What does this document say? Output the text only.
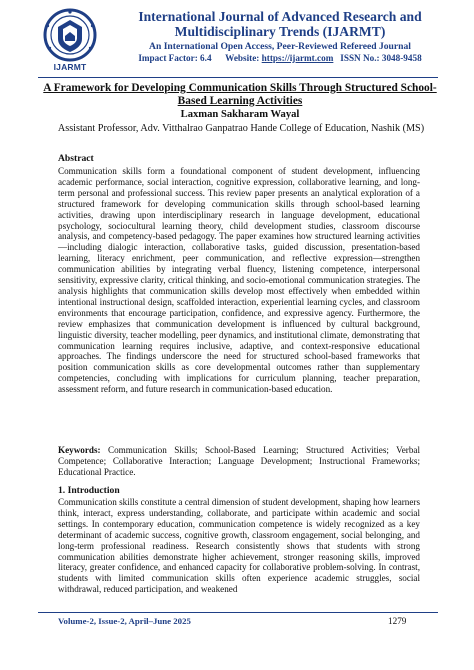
IJARMT
International Journal of Advanced Research and Multidisciplinary Trends (IJARMT)
An International Open Access, Peer-Reviewed Refereed Journal
Impact Factor: 6.4 Website: https://ijarmt.com ISSN No.: 3048-9458
A Framework for Developing Communication Skills Through Structured School-Based Learning Activities
Laxman Sakharam Wayal
Assistant Professor, Adv. Vitthalrao Ganpatrao Hande College of Education, Nashik (MS)
Abstract
Communication skills form a foundational component of student development, influencing academic performance, social interaction, cognitive expression, collaborative learning, and long-term personal and professional success. This review paper presents an analytical exploration of a structured framework for developing communication skills through school-based learning activities, drawing upon interdisciplinary research in language development, educational psychology, sociocultural learning theory, child development studies, classroom discourse analysis, and competency-based pedagogy. The paper examines how structured learning activities—including dialogic interaction, collaborative tasks, guided discussion, presentation-based learning, literacy enrichment, peer communication, and reflective expression—strengthen communication abilities by integrating verbal fluency, listening competence, interpersonal sensitivity, expressive clarity, critical thinking, and socio-emotional communication strategies. The analysis highlights that communication skills develop most effectively when embedded within intentional instructional design, scaffolded interaction, experiential learning cycles, and classroom environments that encourage participation, confidence, and expressive agency. Furthermore, the review emphasizes that communication development is influenced by cultural background, linguistic diversity, teacher modelling, peer dynamics, and institutional climate, demonstrating that communication learning requires inclusive, adaptive, and context-responsive educational approaches. The findings underscore the need for structured school-based frameworks that position communication skills as core developmental outcomes rather than supplementary competencies, concluding with implications for curriculum planning, teacher preparation, assessment reform, and future research in communication-based education.
Keywords: Communication Skills; School-Based Learning; Structured Activities; Verbal Competence; Collaborative Interaction; Language Development; Instructional Frameworks; Educational Practice.
1. Introduction
Communication skills constitute a central dimension of student development, shaping how learners think, interact, express understanding, collaborate, and participate within academic and social settings. In contemporary education, communication competence is widely recognized as a key determinant of academic success, cognitive growth, classroom engagement, social belonging, and long-term professional readiness. Research consistently shows that students with strong communication abilities demonstrate higher achievement, stronger reasoning skills, improved literacy, greater confidence, and enhanced capacity for collaborative problem-solving. In contrast, students with limited communication skills often experience academic struggles, social withdrawal, reduced participation, and weakened
Volume-2, Issue-2, April–June 2025	1279
